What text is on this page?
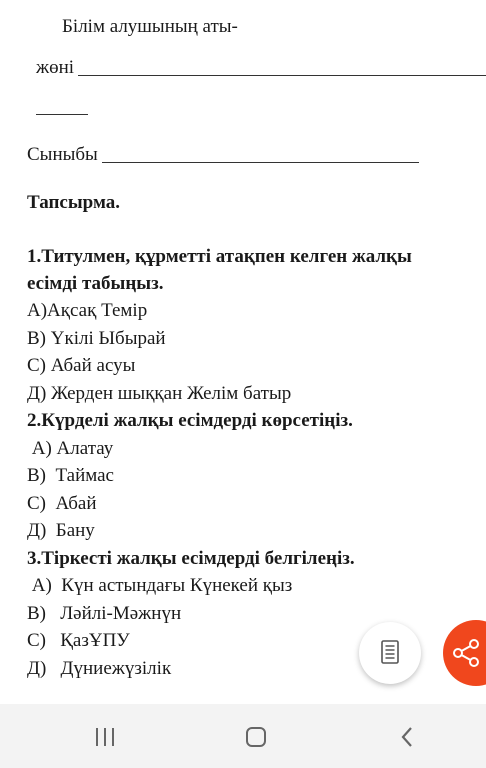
Білім алушының аты-
жөні
Сыныбы
Тапсырма.
1.Титулмен, құрметті атақпен келген жалқы
есімді табыңыз.
А)Ақсақ Темір
В) Үкілі Ыбырай
С) Абай асуы
Д) Жерден шыққан Желім батыр
2.Күрделі жалқы есімдерді көрсетіңіз.
А) Алатау
В)  Таймас
С)  Абай
Д)  Бану
3.Тіркесті жалқы есімдерді белгілеңіз.
А)  Күн астындағы Күнекей қыз
В)   Ләйлі-Мәжнүн
С)   ҚазҰПУ
Д)   Дүниежүзілік
